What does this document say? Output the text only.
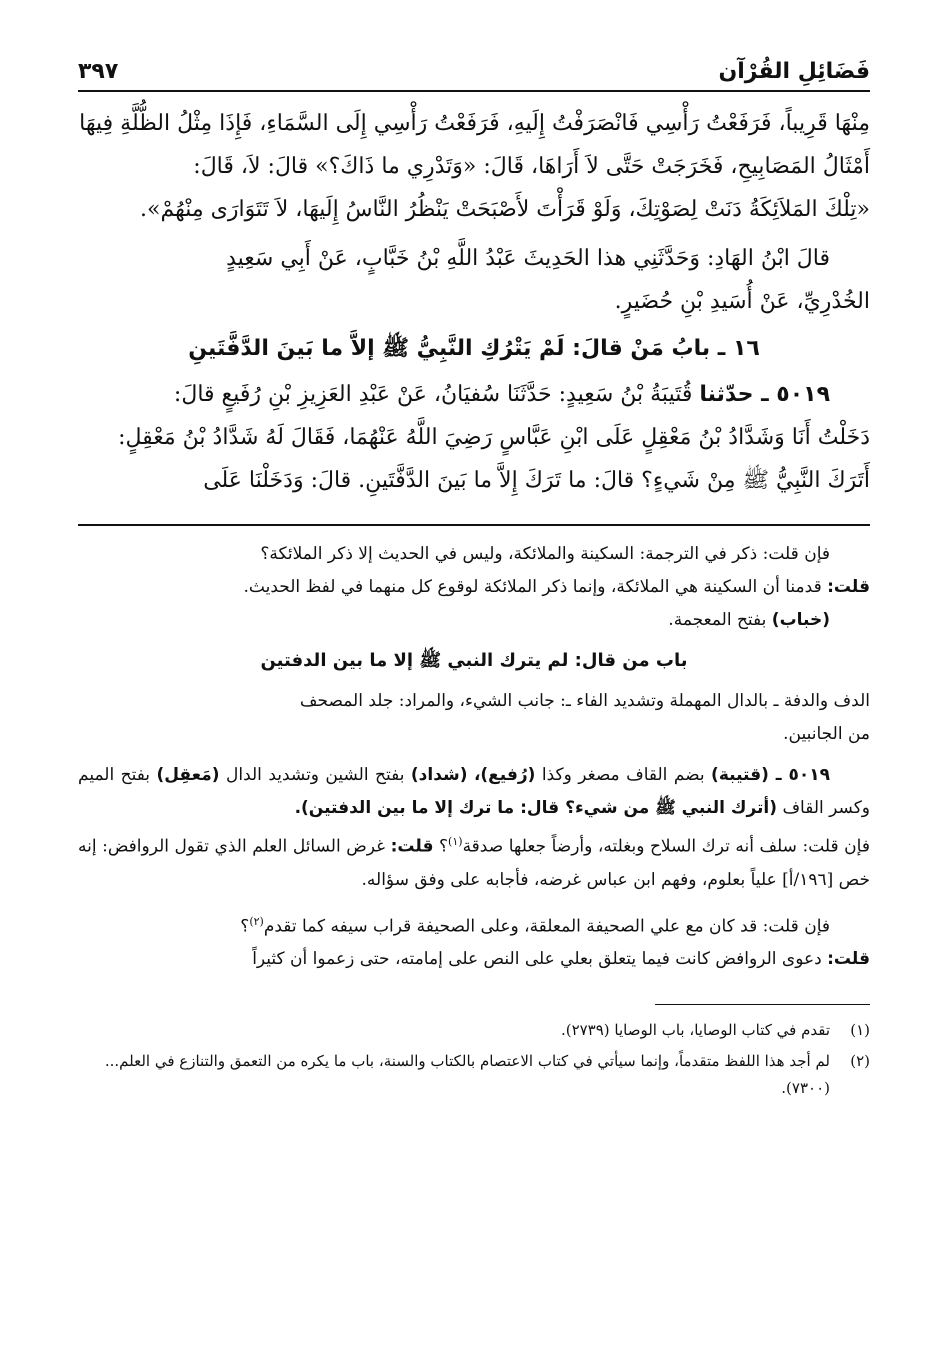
فَضَائِلِ القُرْآن
٣٩٧

مِنْهَا قَرِيباً، فَرَفَعْتُ رَأْسِي فَانْصَرَفْتُ إِلَيهِ، فَرَفَعْتُ رَأْسِي إِلَى السَّمَاءِ، فَإِذَا مِثْلُ الظُّلَّةِ فِيهَا

أَمْثَالُ المَصَابِيحِ، فَخَرَجَتْ حَتَّى لاَ أَرَاهَا، قَالَ: «وَتَدْرِي ما ذَاكَ؟» قالَ: لاَ، قَالَ:

«تِلْكَ المَلاَئِكَةُ دَنَتْ لِصَوْتِكَ، وَلَوْ قَرَأْتَ لأَصْبَحَتْ يَنْظُرُ النَّاسُ إِلَيهَا، لاَ تَتَوَارَى مِنْهُمْ».

قالَ ابْنُ الهَادِ: وَحَدَّثَنِي هذا الحَدِيثَ عَبْدُ اللَّهِ بْنُ خَبَّابٍ، عَنْ أَبِي سَعِيدٍ

الخُدْرِيِّ، عَنْ أُسَيدِ بْنِ حُضَيرٍ.

١٦ ـ بابُ مَنْ قالَ: لَمْ يَتْرُكِ النَّبِيُّ ﷺ إلاَّ ما بَينَ الدَّفَّتَينِ

٥٠١٩ ـ حدّثنا قُتَيبَةُ بْنُ سَعِيدٍ: حَدَّثَنَا سُفيَانُ، عَنْ عَبْدِ العَزِيزِ بْنِ رُفَيعٍ قالَ:

دَخَلْتُ أَنَا وَشَدَّادُ بْنُ مَعْقِلٍ عَلَى ابْنِ عَبَّاسٍ رَضِيَ اللَّهُ عَنْهُمَا، فَقَالَ لَهُ شَدَّادُ بْنُ مَعْقِلٍ:

أَتَرَكَ النَّبِيُّ ﷺ مِنْ شَيءٍ؟ قالَ: ما تَرَكَ إِلاَّ ما بَينَ الدَّفَّتَينِ. قالَ: وَدَخَلْنَا عَلَى

فإن قلت: ذكر في الترجمة: السكينة والملائكة، وليس في الحديث إلا ذكر الملائكة؟

قلت: قدمنا أن السكينة هي الملائكة، وإنما ذكر الملائكة لوقوع كل منهما في لفظ الحديث.

(خباب) بفتح المعجمة.

باب من قال: لم يترك النبي ﷺ إلا ما بين الدفتين

الدف والدفة ـ بالدال المهملة وتشديد الفاء ـ: جانب الشيء، والمراد: جلد المصحف

من الجانبين.

٥٠١٩ ـ (قتيبة) بضم القاف مصغر وكذا (رُفيع)، (شداد) بفتح الشين وتشديد الدال (مَعقِل) بفتح الميم وكسر القاف (أترك النبي ﷺ من شيء؟ قال: ما ترك إلا ما بين الدفتين).

فإن قلت: سلف أنه ترك السلاح وبغلته، وأرضاً جعلها صدقة$^{(١)}$؟ قلت: غرض السائل العلم الذي تقول الروافض: إنه خص [١٩٦/أ] علياً بعلوم، وفهم ابن عباس غرضه، فأجابه على وفق سؤاله.

فإن قلت: قد كان مع علي الصحيفة المعلقة، وعلى الصحيفة قراب سيفه كما تقدم$^{(٢)}$؟

قلت: دعوى الروافض كانت فيما يتعلق بعلي على النص على إمامته، حتى زعموا أن كثيراً

(١)
تقدم في كتاب الوصايا، باب الوصايا (٢٧٣٩).

(٢)
لم أجد هذا اللفظ متقدماً، وإنما سيأتي في كتاب الاعتصام بالكتاب والسنة، باب ما يكره من التعمق والتنازع في العلم... (٧٣٠٠).
